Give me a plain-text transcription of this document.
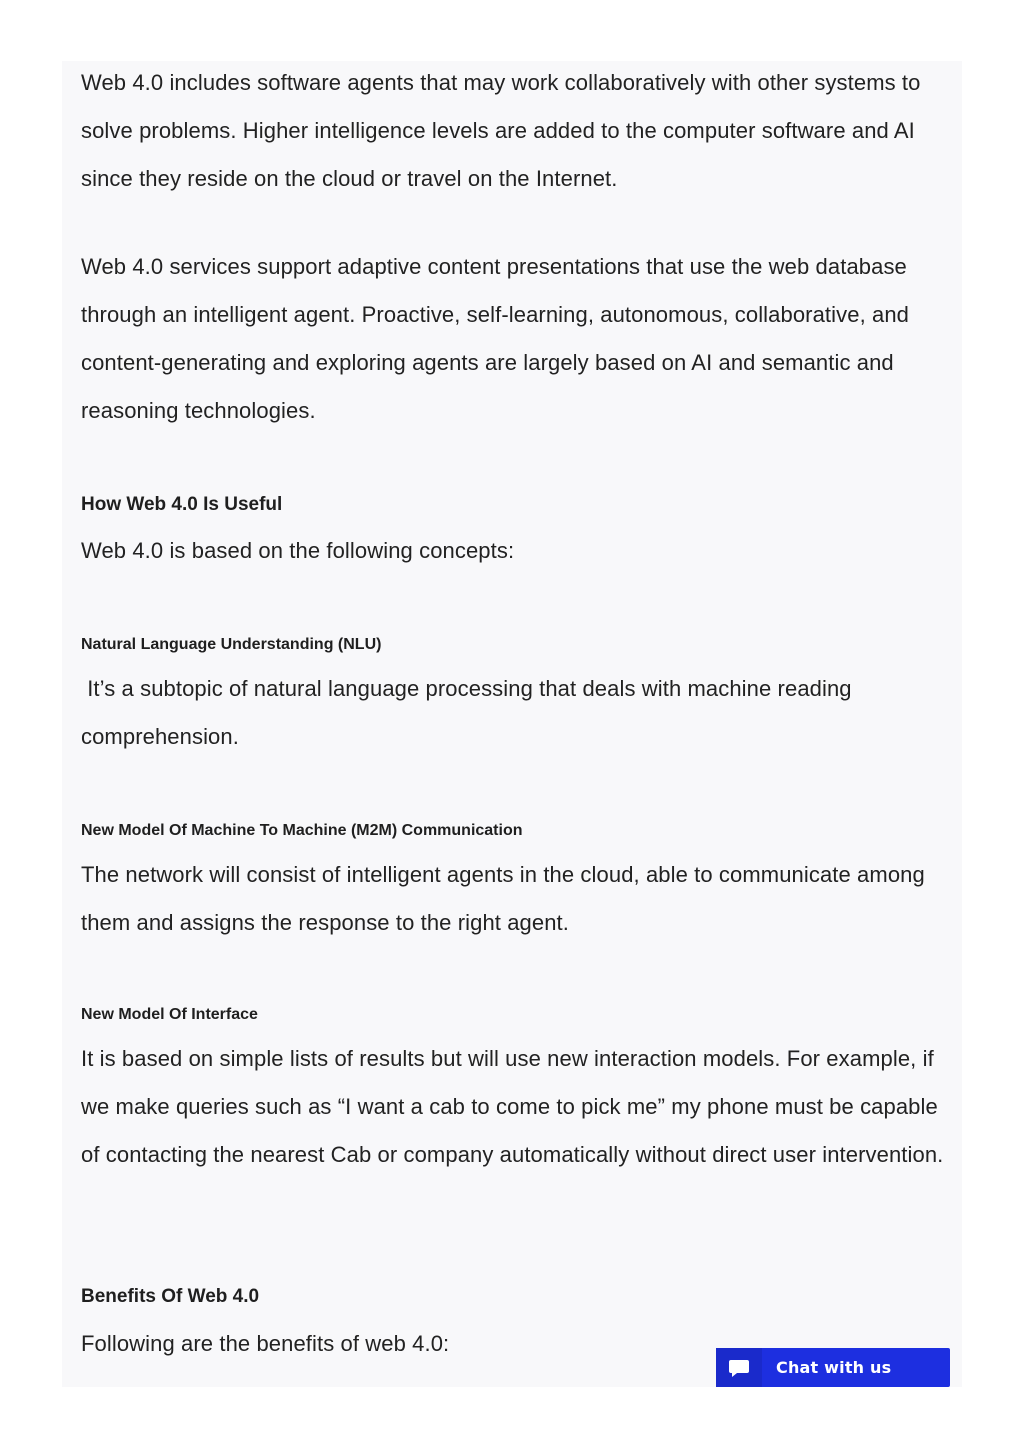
Web 4.0 includes software agents that may work collaboratively with other systems to solve problems. Higher intelligence levels are added to the computer software and AI since they reside on the cloud or travel on the Internet.

Web 4.0 services support adaptive content presentations that use the web database through an intelligent agent. Proactive, self-learning, autonomous, collaborative, and content-generating and exploring agents are largely based on AI and semantic and reasoning technologies.

How Web 4.0 Is Useful

Web 4.0 is based on the following concepts:

Natural Language Understanding (NLU)

It’s a subtopic of natural language processing that deals with machine reading comprehension.

New Model Of Machine To Machine (M2M) Communication

The network will consist of intelligent agents in the cloud, able to communicate among them and assigns the response to the right agent.

New Model Of Interface

It is based on simple lists of results but will use new interaction models. For example, if we make queries such as “I want a cab to come to pick me” my phone must be capable of contacting the nearest Cab or company automatically without direct user intervention.

Benefits Of Web 4.0

Following are the benefits of web 4.0:

Chat with us
